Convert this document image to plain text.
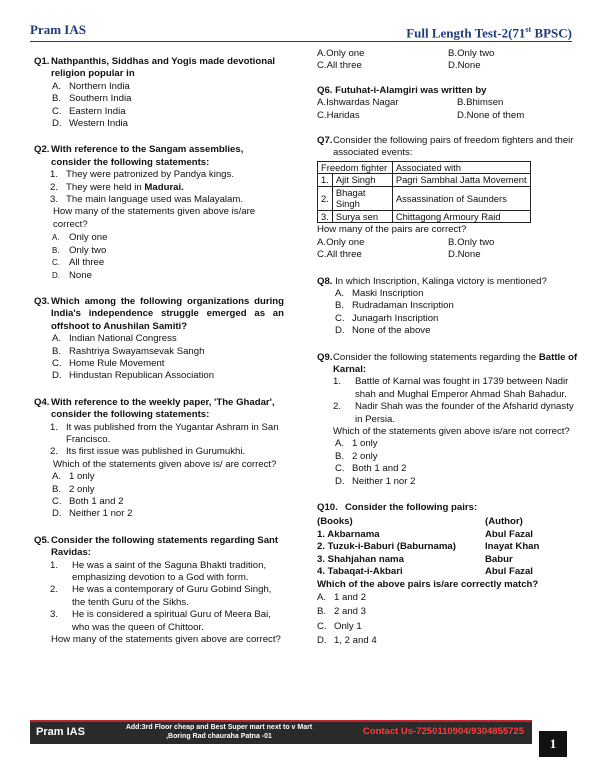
Pram IAS	Full Length Test-2(71st BPSC)
Q1. Nathpanthis, Siddhas and Yogis made devotional religion popular in
A. Northern India
B. Southern India
C. Eastern India
D. Western India
Q2. With reference to the Sangam assemblies, consider the following statements:
1. They were patronized by Pandya kings.
2. They were held in Madurai.
3. The main language used was Malayalam.
How many of the statements given above is/are correct?
A. Only one
B. Only two
C. All three
D. None
Q3. Which among the following organizations during India's independence struggle emerged as an offshoot to Anushilan Samiti?
A. Indian National Congress
B. Rashtriya Swayamsevak Sangh
C. Home Rule Movement
D. Hindustan Republican Association
Q4. With reference to the weekly paper, 'The Ghadar', consider the following statements:
1. It was published from the Yugantar Ashram in San Francisco.
2. Its first issue was published in Gurumukhi.
Which of the statements given above is/ are correct?
A. 1 only
B. 2 only
C. Both 1 and 2
D. Neither 1 nor 2
Q5. Consider the following statements regarding Sant Ravidas:
1.	He was a saint of the Saguna Bhakti tradition, emphasizing devotion to a God with form.
2.	He was a contemporary of Guru Gobind Singh, the tenth Guru of the Sikhs.
3.	He is considered a spiritual Guru of Meera Bai, who was the queen of Chittoor.
How many of the statements given above are correct?
A.Only one	B.Only two
C.All three	D.None
Q6. Futuhat-i-Alamgiri was written by
A.Ishwardas Nagar	B.Bhimsen
C.Haridas	D.None of them
Q7. Consider the following pairs of freedom fighters and their associated events:
Freedom fighter		Associated with
1.	Ajit Singh	Pagri Sambhal Jatta Movement
2.	Bhagat Singh	Assassination of Saunders
3.	Surya sen	Chittagong Armoury Raid
How many of the pairs are correct?
A.Only one	B.Only two
C.All three	D.None
Q8. In which Inscription, Kalinga victory is mentioned?
A. Maski Inscription
B. Rudradaman Inscription
C. Junagarh Inscription
D. None of the above
Q9. Consider the following statements regarding the Battle of Karnal:
1.	Battle of Karnal was fought in 1739 between Nadir shah and Mughal Emperor Ahmad Shah Bahadur.
2.	Nadir Shah was the founder of the Afsharid dynasty in Persia.
Which of the statements given above is/are not correct?
A. 1 only
B. 2 only
C. Both 1 and 2
D. Neither 1 nor 2
Q10. Consider the following pairs:
(Books)	(Author)
1. Akbarnama	Abul Fazal
2. Tuzuk-i-Baburi (Baburnama)	Inayat Khan
3. Shahjahan nama	Babur
4. Tabaqat-i-Akbari	Abul Fazal
Which of the above pairs is/are correctly match?
A. 1 and 2
B. 2 and 3
C. Only 1
D. 1, 2 and 4
Pram IAS	Add:3rd Floor cheap and Best Super mart next to v Mart ,Boring Rad chauraha Patna -01	Contact Us-7250110904/9304855725
1
